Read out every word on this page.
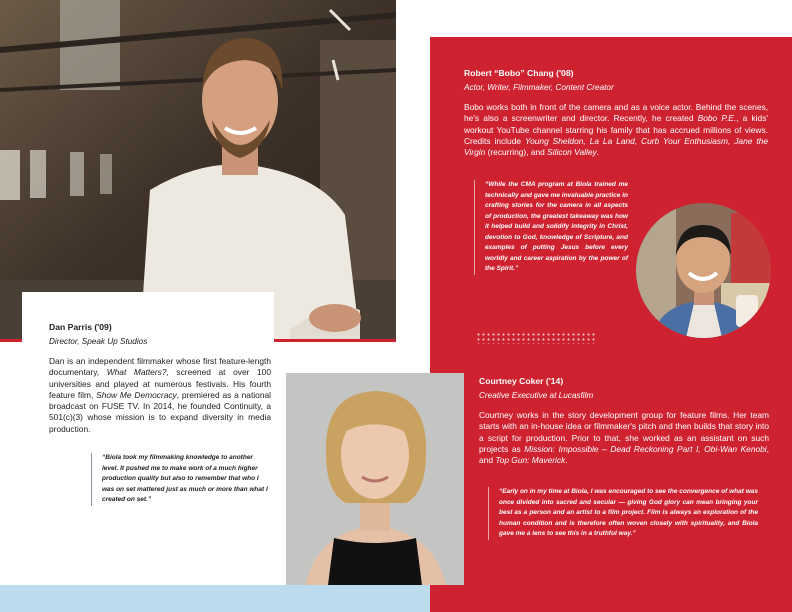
Dan Parris ('09)
Director, Speak Up Studios

Dan is an independent filmmaker whose first feature-length documentary, What Matters?, screened at over 100 universities and played at numerous festivals. His fourth feature film, Show Me Democracy, premiered as a national broadcast on FUSE TV. In 2014, he founded Continuity, a 501(c)(3) whose mission is to expand diversity in media production.

“Biola took my filmmaking knowledge to another level. It pushed me to make work of a much higher production quality but also to remember that who I was on set mattered just as much or more than what I created on set.”

Robert “Bobo” Chang ('08)
Actor, Writer, Filmmaker, Content Creator

Bobo works both in front of the camera and as a voice actor. Behind the scenes, he's also a screenwriter and director. Recently, he created Bobo P.E., a kids' workout YouTube channel starring his family that has accrued millions of views. Credits include Young Sheldon, La La Land, Curb Your Enthusiasm, Jane the Virgin (recurring), and Silicon Valley.

“While the CMA program at Biola trained me technically and gave me invaluable practice in crafting stories for the camera in all aspects of production, the greatest takeaway was how it helped build and solidify integrity in Christ, devotion to God, knowledge of Scripture, and examples of putting Jesus before every worldly and career aspiration by the power of the Spirit.”

Courtney Coker ('14)
Creative Executive at Lucasfilm

Courtney works in the story development group for feature films. Her team starts with an in-house idea or filmmaker's pitch and then builds that story into a script for production. Prior to that, she worked as an assistant on such projects as Mission: Impossible – Dead Reckoning Part I, Obi-Wan Kenobi, and Top Gun: Maverick.

“Early on in my time at Biola, I was encouraged to see the convergence of what was once divided into sacred and secular — giving God glory can mean bringing your best as a person and an artist to a film project. Film is always an exploration of the human condition and is therefore often woven closely with spirituality, and Biola gave me a lens to see this in a truthful way.”
